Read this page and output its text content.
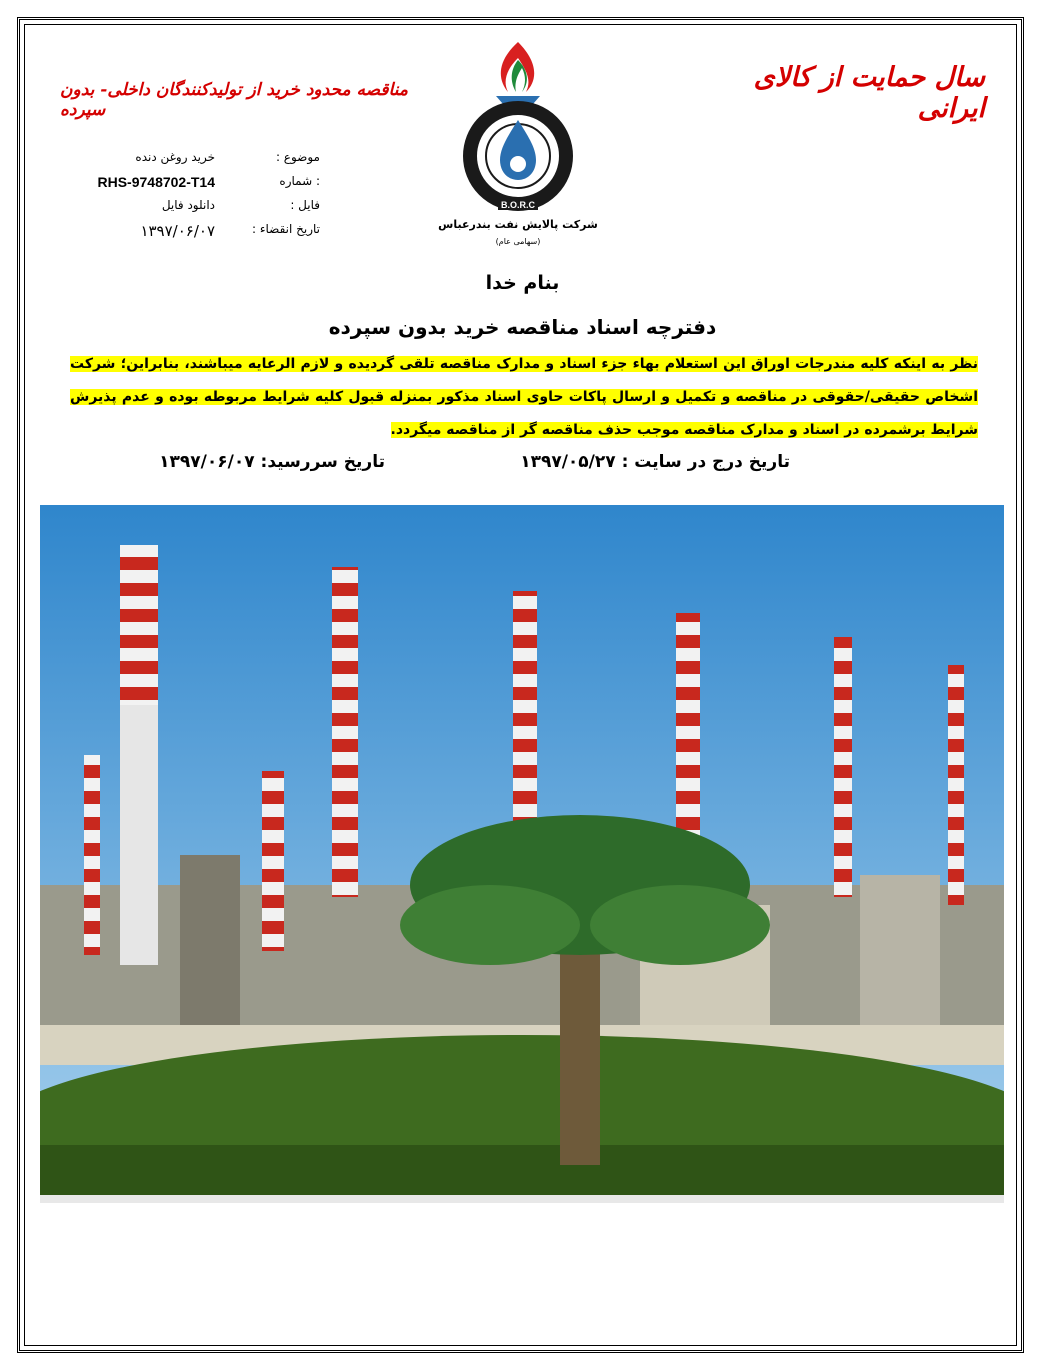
سال حمایت از کالای ایرانی
مناقصه محدود خرید از تولیدکنندگان داخلی- بدون سپرده
B.O.R.C
شرکت پالایش نفت بندرعباس
(سهامی عام)
موضوع :
خرید روغن دنده
: شماره
RHS-9748702-T14
فایل :
دانلود فایل
تاریخ انقضاء :
۱۳۹۷/۰۶/۰۷
بنام خدا
دفترچه اسناد مناقصه خرید بدون سپرده
نظر به اینکه کلیه مندرجات اوراق این استعلام بهاء جزء اسناد و مدارک مناقصه تلقی گردیده و لازم الرعایه میباشند، بنابراین؛ شرکت اشخاص حقیقی/حقوقی در مناقصه و تکمیل و ارسال پاکات حاوی اسناد مذکور بمنزله قبول کلیه شرایط مربوطه بوده و عدم پذیرش شرایط برشمرده در اسناد و مدارک مناقصه موجب حذف مناقصه گر از مناقصه میگردد.
تاریخ درج در سایت : ۱۳۹۷/۰۵/۲۷
تاریخ سررسید: ۱۳۹۷/۰۶/۰۷
